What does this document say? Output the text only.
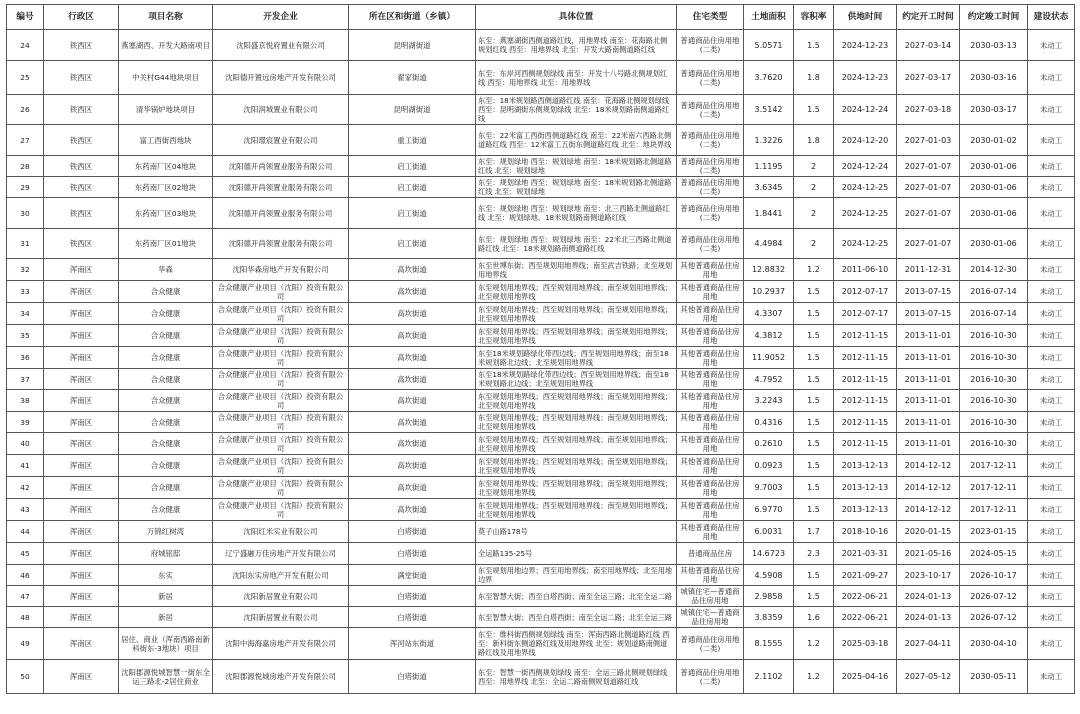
编号	行政区	项目名称	开发企业	所在区和街道（乡镇）	具体位置	住宅类型	土地面积	容积率	供地时间	约定开工时间	约定竣工时间	建设状态
24	铁西区	燕塞湖西、开发大路南项目	沈阳盛京悦府置业有限公司	昆明湖街道	东至：燕塞湖街西侧道路红线，用地界线 南至：花海路北侧规划红线 西至：用地界线 北至：开发大路南侧道路红线	普通商品住房用地(二类)	5.0571	1.5	2024-12-23	2027-03-14	2030-03-13	未动工
25	铁西区	中关村G44地块项目	沈阳德开置远房地产开发有限公司	翟家街道	东至：东岸河西侧规划绿线 南至：开发十八号路北侧规划红线 西至：用地界线 北至：用地界线	普通商品住房用地(二类)	3.7620	1.8	2024-12-23	2027-03-17	2030-03-16	未动工
26	铁西区	清华锅炉地块项目	沈阳润城置业有限公司	昆明湖街道	东至：18米规划路西侧道路红线 南至：花海路北侧规划绿线 西至：昆明湖街东侧规划绿线 北至：18米规划路南侧道路红线	普通商品住房用地(二类)	3.5142	1.5	2024-12-24	2027-03-18	2030-03-17	未动工
27	铁西区	富工西街西地块	沈阳璟宸置业有限公司	重工街道	东至：22米富工西街西侧道路红线 南至：22米南六西路北侧道路红线 西至：12米富工五街东侧道路红线 北至：地块界线	普通商品住房用地(二类)	1.3226	1.8	2024-12-20	2027-01-03	2030-01-02	未动工
28	铁西区	东药南厂区04地块	沈阳德开尚领置业服务有限公司	启工街道	东至：规划绿地 西至：规划绿地 南至：18米规划路北侧道路红线 北至：规划绿地	普通商品住房用地(二类)	1.1195	2	2024-12-24	2027-01-07	2030-01-06	未动工
29	铁西区	东药南厂区02地块	沈阳德开尚领置业服务有限公司	启工街道	东至：规划绿地 西至：规划绿地 南至：18米规划路北侧道路红线 北至：规划绿地	普通商品住房用地(二类)	3.6345	2	2024-12-25	2027-01-07	2030-01-06	未动工
30	铁西区	东药南厂区03地块	沈阳德开尚领置业服务有限公司	启工街道	东至：规划绿地 西至：规划绿地 南至：北三西路北侧道路红线 北至：规划绿地、18米规划路南侧道路红线	普通商品住房用地(二类)	1.8441	2	2024-12-25	2027-01-07	2030-01-06	未动工
31	铁西区	东药南厂区01地块	沈阳德开尚领置业服务有限公司	启工街道	东至：规划绿地 西至：规划绿地 南至：22米北三西路北侧道路红线 北至：18米规划路南侧道路红线	普通商品住房用地(二类)	4.4984	2	2024-12-25	2027-01-07	2030-01-06	未动工
32	浑南区	华森	沈阳华森房地产开发有限公司	高坎街道	东至世博东街；西至规划用地界线；南至武吉铁路；北至规划用地界线	其他普通商品住房用地	12.8832	1.2	2011-06-10	2011-12-31	2014-12-30	未动工
33	浑南区	合众健康	合众健康产业项目（沈阳）投资有限公司	高坎街道	东至规划用地界线；西至规划用地界线；南至规划用地界线；北至规划用地界线	其他普通商品住房用地	10.2937	1.5	2012-07-17	2013-07-15	2016-07-14	未动工
34	浑南区	合众健康	合众健康产业项目（沈阳）投资有限公司	高坎街道	东至规划用地界线；西至规划用地界线；南至规划用地界线；北至规划用地界线	其他普通商品住房用地	4.3307	1.5	2012-07-17	2013-07-15	2016-07-14	未动工
35	浑南区	合众健康	合众健康产业项目（沈阳）投资有限公司	高坎街道	东至规划用地界线；西至规划用地界线；南至规划用地界线；北至规划用地界线	其他普通商品住房用地	4.3812	1.5	2012-11-15	2013-11-01	2016-10-30	未动工
36	浑南区	合众健康	合众健康产业项目（沈阳）投资有限公司	高坎街道	东至18米规划路绿化带西边线；西至规划用地界线；南至18米规划路北边线；北至规划用地界线	其他普通商品住房用地	11.9052	1.5	2012-11-15	2013-11-01	2016-10-30	未动工
37	浑南区	合众健康	合众健康产业项目（沈阳）投资有限公司	高坎街道	东至18米规划路绿化带西边线；西至规划用地界线；南至18米规划路北边线；北至规划用地界线	其他普通商品住房用地	4.7952	1.5	2012-11-15	2013-11-01	2016-10-30	未动工
38	浑南区	合众健康	合众健康产业项目（沈阳）投资有限公司	高坎街道	东至规划用地界线；西至规划用地界线；南至规划用地界线；北至规划用地界线	其他普通商品住房用地	3.2243	1.5	2012-11-15	2013-11-01	2016-10-30	未动工
39	浑南区	合众健康	合众健康产业项目（沈阳）投资有限公司	高坎街道	东至规划用地界线；西至规划用地界线；南至规划用地界线；北至规划用地界线	其他普通商品住房用地	0.4316	1.5	2012-11-15	2013-11-01	2016-10-30	未动工
40	浑南区	合众健康	合众健康产业项目（沈阳）投资有限公司	高坎街道	东至规划用地界线；西至规划用地界线；南至规划用地界线；北至规划用地界线	其他普通商品住房用地	0.2610	1.5	2012-11-15	2013-11-01	2016-10-30	未动工
41	浑南区	合众健康	合众健康产业项目（沈阳）投资有限公司	高坎街道	东至规划用地界线；西至规划用地界线；南至规划用地界线；北至规划用地界线	其他普通商品住房用地	0.0923	1.5	2013-12-13	2014-12-12	2017-12-11	未动工
42	浑南区	合众健康	合众健康产业项目（沈阳）投资有限公司	高坎街道	东至规划用地界线；西至规划用地界线；南至规划用地界线；北至规划用地界线	其他普通商品住房用地	9.7003	1.5	2013-12-13	2014-12-12	2017-12-11	未动工
43	浑南区	合众健康	合众健康产业项目（沈阳）投资有限公司	高坎街道	东至规划用地界线；西至规划用地界线；南至规划用地界线；北至规划用地界线	其他普通商品住房用地	6.9770	1.5	2013-12-13	2014-12-12	2017-12-11	未动工
44	浑南区	万锦红树湾	沈阳红米实业有限公司	白塔街道	莫子山路178号	其他普通商品住房用地	6.0031	1.7	2018-10-16	2020-01-15	2023-01-15	未动工
45	浑南区	府城铭邸	辽宁盛融万佳房地产开发有限公司	白塔街道	全运路135-25号	普通商品住房	14.6723	2.3	2021-03-31	2021-05-16	2024-05-15	未动工
46	浑南区	东实	沈阳东实房地产开发有限公司	满堂街道	东至规划用地边界；西至用地界线；南至用地界线；北至用地边界	其他普通商品住房用地	4.5908	1.5	2021-09-27	2023-10-17	2026-10-17	未动工
47	浑南区	新居	沈阳新居置业有限公司	白塔街道	东至智慧大街；西至白塔西街；南至全运三路；北至全运二路	城镇住宅—普通商品住房用地	2.9858	1.5	2022-06-21	2024-01-13	2026-07-12	未动工
48	浑南区	新居	沈阳新居置业有限公司	白塔街道	东至智慧大街；西至白塔西街；南至全运二路；北至全运三路	城镇住宅—普通商品住房用地	3.8359	1.6	2022-06-21	2024-01-13	2026-07-12	未动工
49	浑南区	居住、商业（浑南西路南新科街东-3地块）项目	沈阳中海海嘉房地产开发有限公司	浑河站东街道	东至：维科街西侧规划绿线 南至：浑南西路北侧道路红线 西至：新科街东侧道路红线及用地界线 北至：规划道路南侧道路红线及用地界线	普通商品住房用地(二类)	8.1555	1.2	2025-03-18	2027-04-11	2030-04-10	未动工
50	浑南区	沈阳郡源悦城智慧一街东全运三路北-2居住商业	沈阳郡源悦城房地产开发有限公司	白塔街道	东至：智慧一街西侧规划绿线 南至：全运三路北侧规划绿线 西至：用地界线 北至：全运二路南侧规划道路红线	普通商品住房用地(二类)	2.1102	1.2	2025-04-16	2027-05-12	2030-05-11	未动工
